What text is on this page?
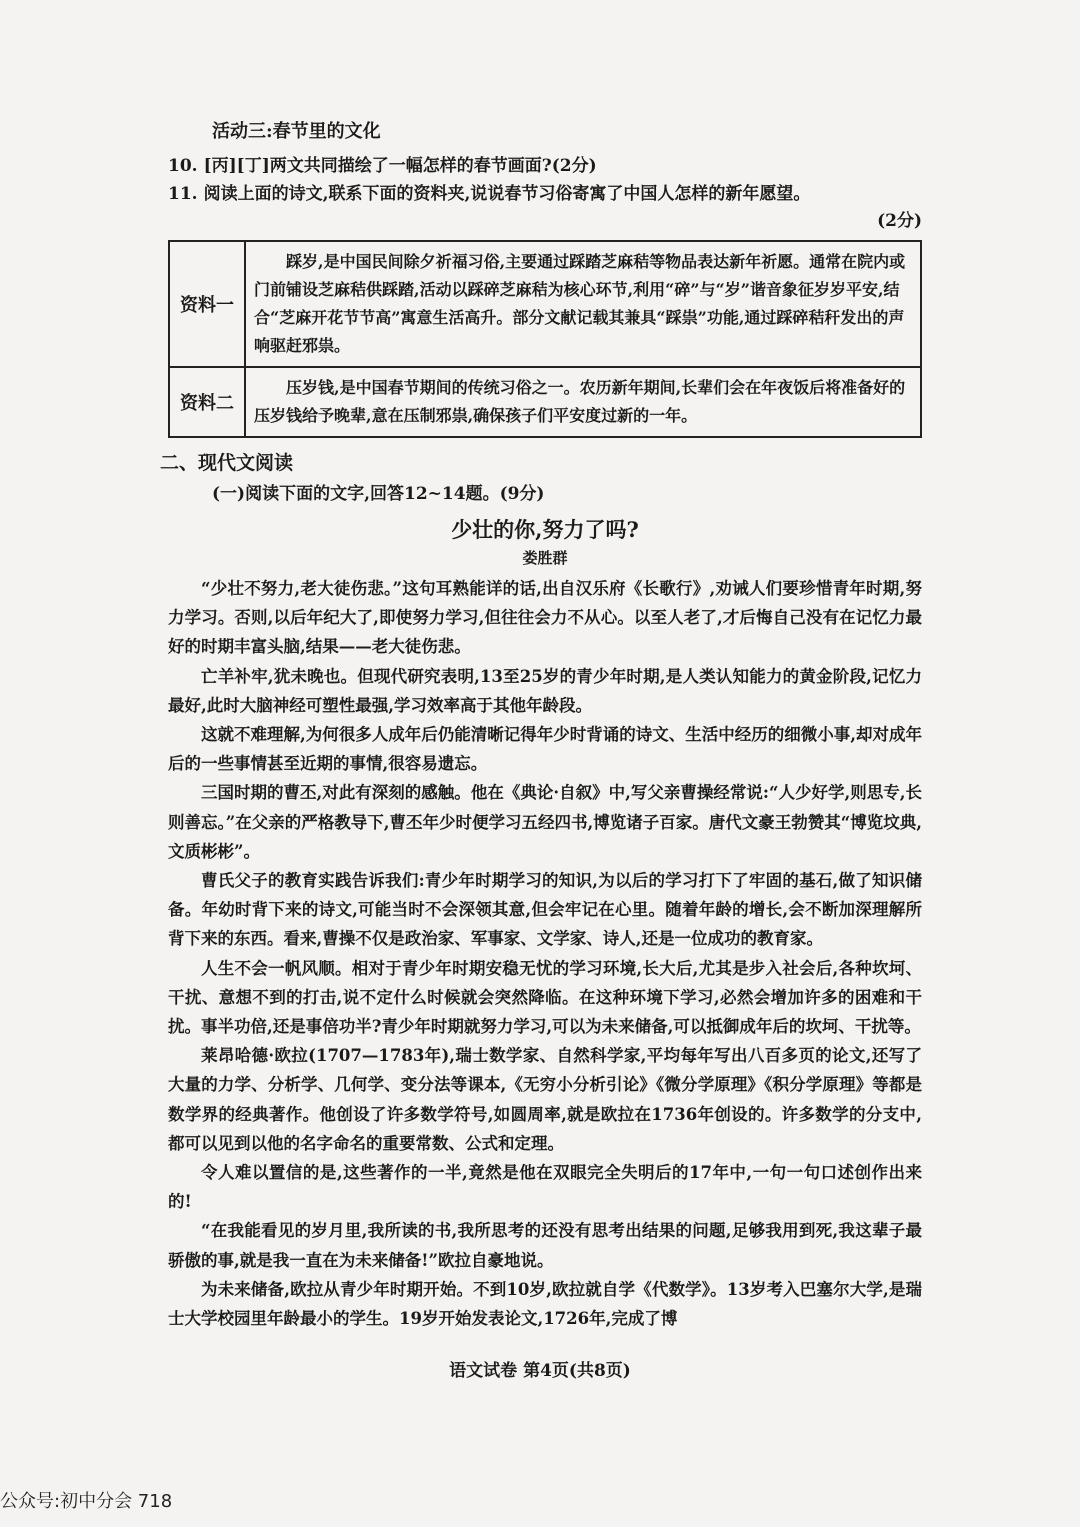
活动三:春节里的文化

10. [丙][丁]两文共同描绘了一幅怎样的春节画面?(2分)

11. 阅读上面的诗文,联系下面的资料夹,说说春节习俗寄寓了中国人怎样的新年愿望。

(2分)

资料一	踩岁,是中国民间除夕祈福习俗,主要通过踩踏芝麻秸等物品表达新年祈愿。通常在院内或门前铺设芝麻秸供踩踏,活动以踩碎芝麻秸为核心环节,利用“碎”与“岁”谐音象征岁岁平安,结合“芝麻开花节节高”寓意生活高升。部分文献记载其兼具“踩祟”功能,通过踩碎秸秆发出的声响驱赶邪祟。
资料二	压岁钱,是中国春节期间的传统习俗之一。农历新年期间,长辈们会在年夜饭后将准备好的压岁钱给予晚辈,意在压制邪祟,确保孩子们平安度过新的一年。
二、现代文阅读
(一)阅读下面的文字,回答12~14题。(9分)
少壮的你,努力了吗?
娄胜群

“少壮不努力,老大徒伤悲。”这句耳熟能详的话,出自汉乐府《长歌行》,劝诫人们要珍惜青年时期,努力学习。否则,以后年纪大了,即使努力学习,但往往会力不从心。以至人老了,才后悔自己没有在记忆力最好的时期丰富头脑,结果——老大徒伤悲。

亡羊补牢,犹未晚也。但现代研究表明,13至25岁的青少年时期,是人类认知能力的黄金阶段,记忆力最好,此时大脑神经可塑性最强,学习效率高于其他年龄段。

这就不难理解,为何很多人成年后仍能清晰记得年少时背诵的诗文、生活中经历的细微小事,却对成年后的一些事情甚至近期的事情,很容易遗忘。

三国时期的曹丕,对此有深刻的感触。他在《典论·自叙》中,写父亲曹操经常说:“人少好学,则思专,长则善忘。”在父亲的严格教导下,曹丕年少时便学习五经四书,博览诸子百家。唐代文豪王勃赞其“博览坟典,文质彬彬”。

曹氏父子的教育实践告诉我们:青少年时期学习的知识,为以后的学习打下了牢固的基石,做了知识储备。年幼时背下来的诗文,可能当时不会深领其意,但会牢记在心里。随着年龄的增长,会不断加深理解所背下来的东西。看来,曹操不仅是政治家、军事家、文学家、诗人,还是一位成功的教育家。

人生不会一帆风顺。相对于青少年时期安稳无忧的学习环境,长大后,尤其是步入社会后,各种坎坷、干扰、意想不到的打击,说不定什么时候就会突然降临。在这种环境下学习,必然会增加许多的困难和干扰。事半功倍,还是事倍功半?青少年时期就努力学习,可以为未来储备,可以抵御成年后的坎坷、干扰等。

莱昂哈德·欧拉(1707—1783年),瑞士数学家、自然科学家,平均每年写出八百多页的论文,还写了大量的力学、分析学、几何学、变分法等课本,《无穷小分析引论》《微分学原理》《积分学原理》等都是数学界的经典著作。他创设了许多数学符号,如圆周率,就是欧拉在1736年创设的。许多数学的分支中,都可以见到以他的名字命名的重要常数、公式和定理。

令人难以置信的是,这些著作的一半,竟然是他在双眼完全失明后的17年中,一句一句口述创作出来的!

“在我能看见的岁月里,我所读的书,我所思考的还没有思考出结果的问题,足够我用到死,我这辈子最骄傲的事,就是我一直在为未来储备!”欧拉自豪地说。

为未来储备,欧拉从青少年时期开始。不到10岁,欧拉就自学《代数学》。13岁考入巴塞尔大学,是瑞士大学校园里年龄最小的学生。19岁开始发表论文,1726年,完成了博

语文试卷 第4页(共8页)
公众号:初中分会 718
